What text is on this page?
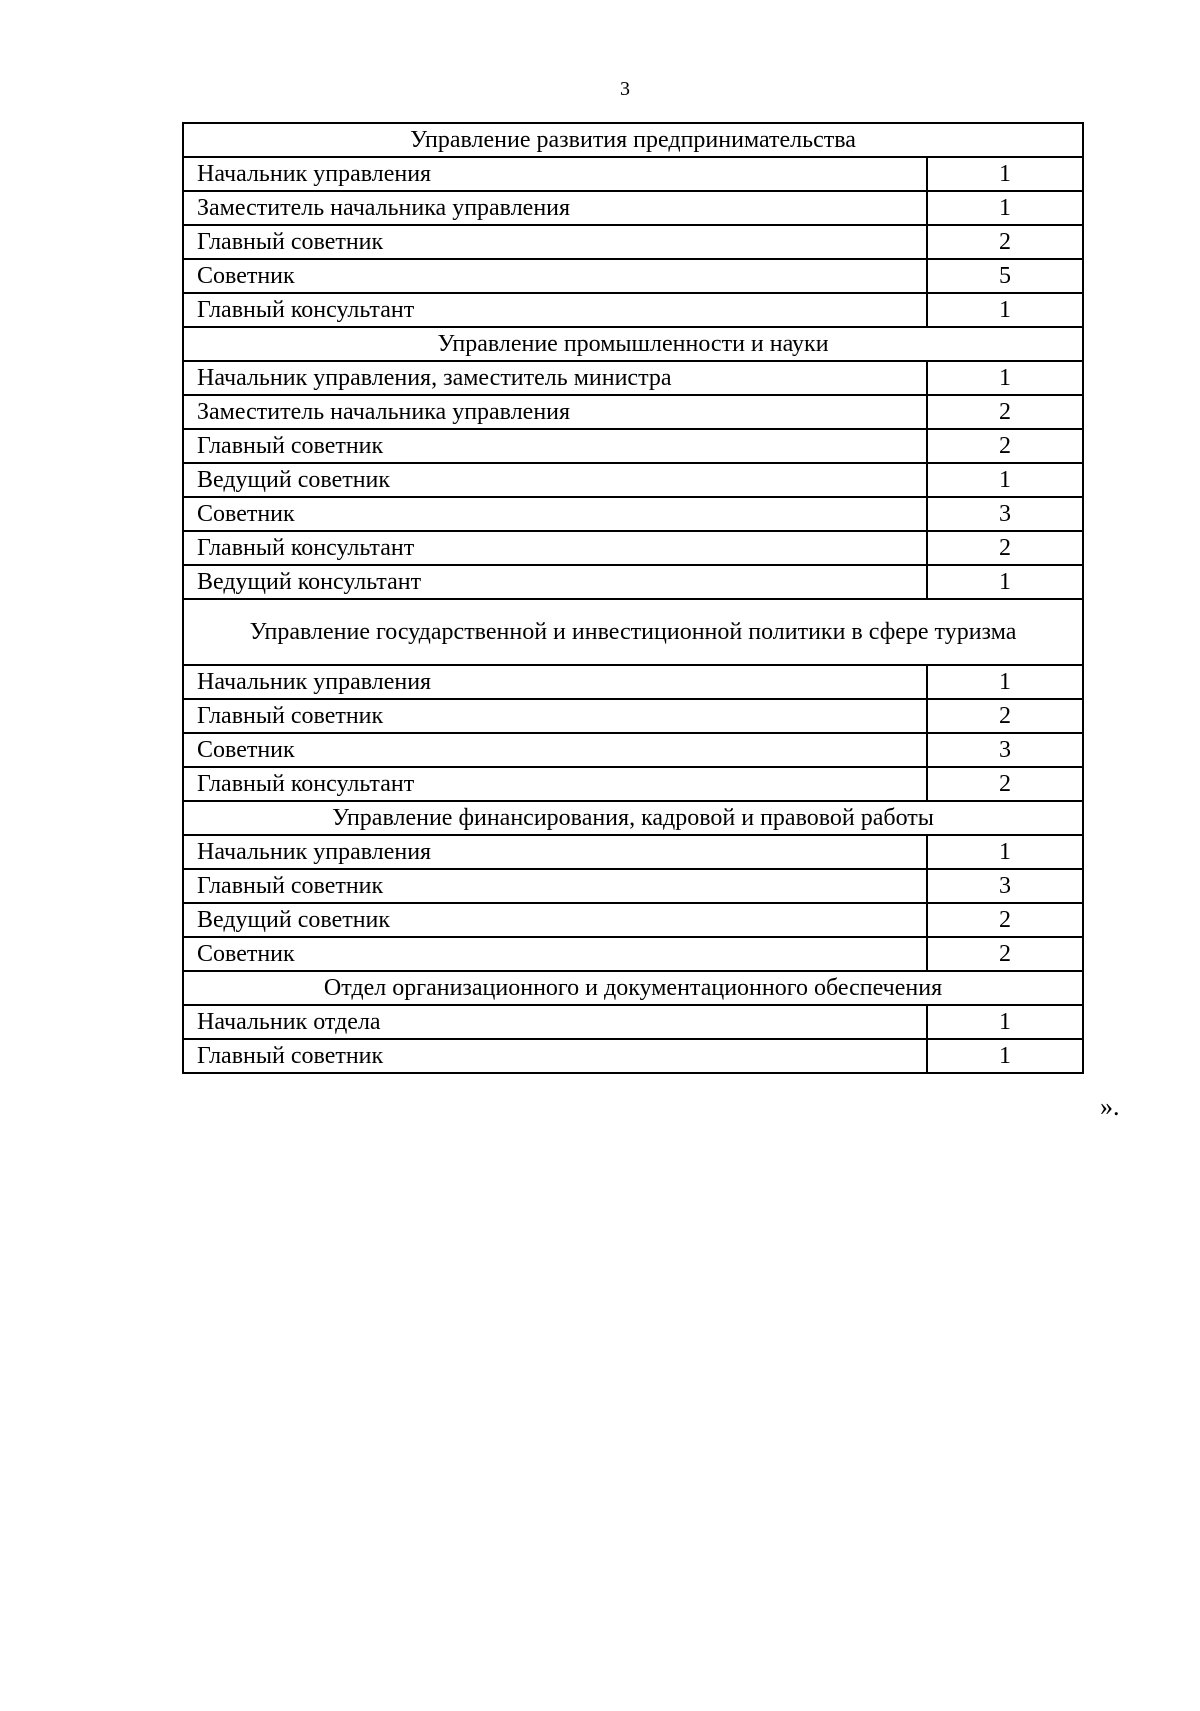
3
Управление развития предпринимательства	
Начальник управления	1
Заместитель начальника управления	1
Главный советник	2
Советник	5
Главный консультант	1
Управление промышленности и науки	
Начальник управления, заместитель министра	1
Заместитель начальника управления	2
Главный советник	2
Ведущий советник	1
Советник	3
Главный консультант	2
Ведущий консультант	1
Управление государственной и инвестиционной политики в сфере туризма	
Начальник управления	1
Главный советник	2
Советник	3
Главный консультант	2
Управление финансирования, кадровой и правовой работы	
Начальник управления	1
Главный советник	3
Ведущий советник	2
Советник	2
Отдел организационного и документационного обеспечения	
Начальник отдела	1
Главный советник	1
».
